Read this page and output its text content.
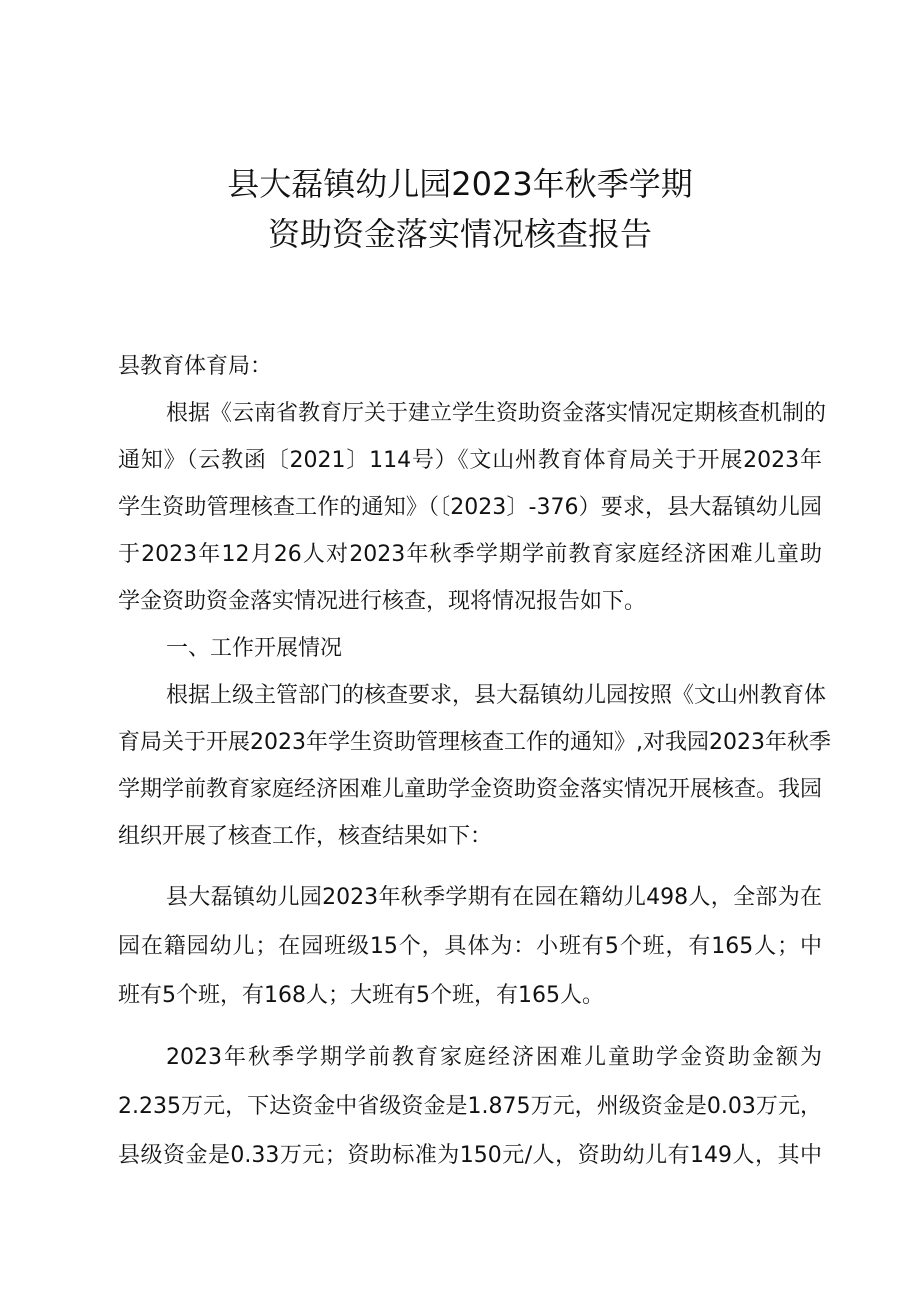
县大磊镇幼儿园2023年秋季学期
资助资金落实情况核查报告
县教育体育局：
根据《云南省教育厅关于建立学生资助资金落实情况定期核查机制的
通知》（云教函〔2021〕114号）《文山州教育体育局关于开展2023年
学生资助管理核查工作的通知》（〔2023〕-376）要求，县大磊镇幼儿园
于2023年12月26人对2023年秋季学期学前教育家庭经济困难儿童助
学金资助资金落实情况进行核查，现将情况报告如下。
一、工作开展情况
根据上级主管部门的核查要求，县大磊镇幼儿园按照《文山州教育体
育局关于开展2023年学生资助管理核查工作的通知》,对我园2023年秋季
学期学前教育家庭经济困难儿童助学金资助资金落实情况开展核查。我园
组织开展了核查工作，核查结果如下：
县大磊镇幼儿园2023年秋季学期有在园在籍幼儿498人，全部为在
园在籍园幼儿；在园班级15个，具体为：小班有5个班，有165人；中
班有5个班，有168人；大班有5个班，有165人。
2023年秋季学期学前教育家庭经济困难儿童助学金资助金额为
2.235万元，下达资金中省级资金是1.875万元，州级资金是0.03万元，
县级资金是0.33万元；资助标准为150元/人，资助幼儿有149人，其中
